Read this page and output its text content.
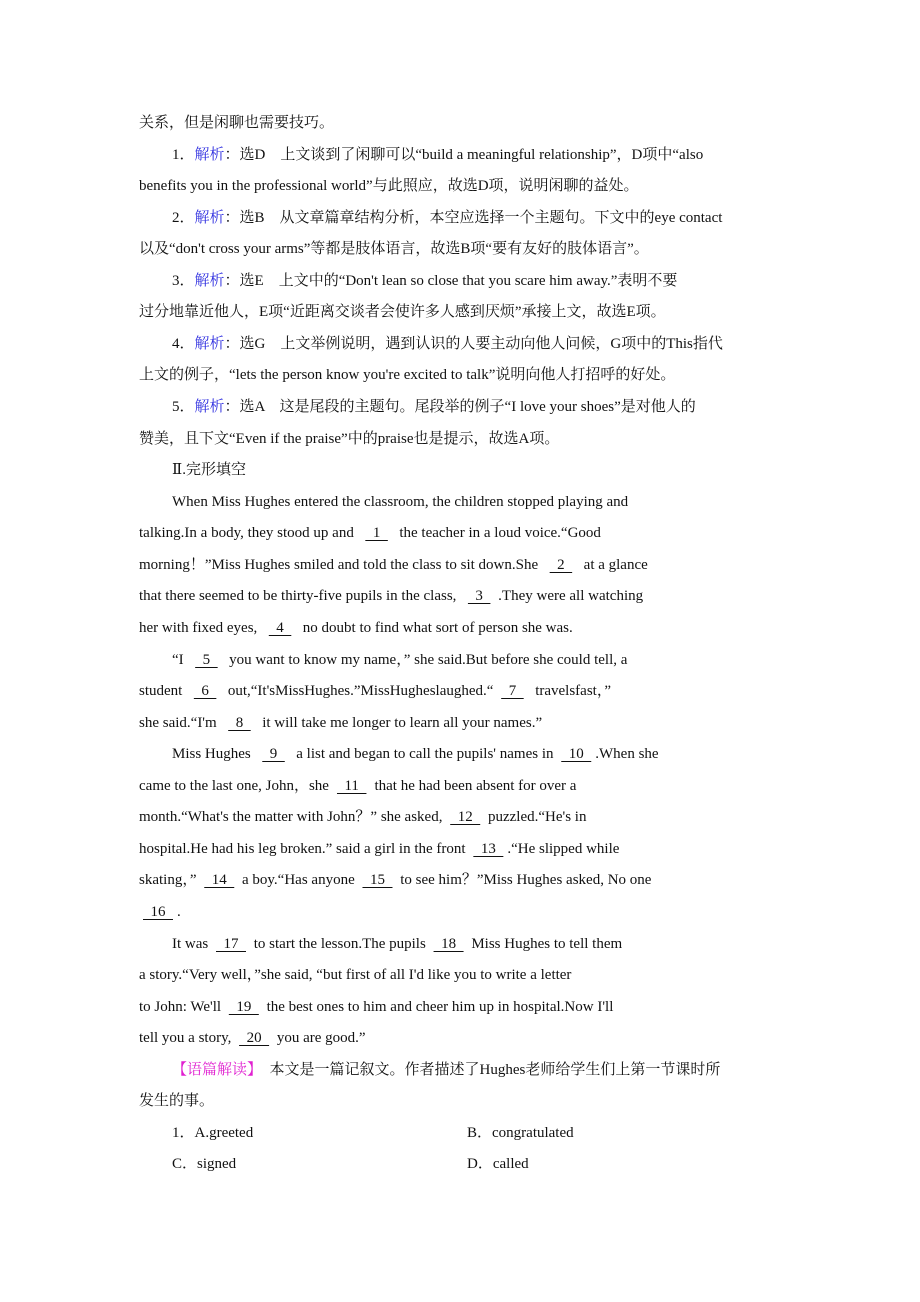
关系，但是闲聊也需要技巧。
1．解析：选D　上文谈到了闲聊可以“build a meaningful relationship”，D项中“also
benefits you in the professional world”与此照应，故选D项，说明闲聊的益处。
2．解析：选B　从文章篇章结构分析，本空应选择一个主题句。下文中的eye contact
以及“don't cross your arms”等都是肢体语言，故选B项“要有友好的肢体语言”。
3．解析：选E　上文中的“Don't lean so close that you scare him away.”表明不要
过分地靠近他人，E项“近距离交谈者会使许多人感到厌烦”承接上文，故选E项。
4．解析：选G　上文举例说明，遇到认识的人要主动向他人问候，G项中的This指代
上文的例子，“lets the person know you're excited to talk”说明向他人打招呼的好处。
5．解析：选A　这是尾段的主题句。尾段举的例子“I love your shoes”是对他人的
赞美，且下文“Even if the praise”中的praise也是提示，故选A项。
Ⅱ.完形填空
When Miss Hughes entered the classroom, the children stopped playing and
talking.In a body, they stood up and   1   the teacher in a loud voice.“Good
morning！”Miss Hughes smiled and told the class to sit down.She   2   at a glance
that there seemed to be thirty-five pupils in the class,   3  .They were all watching
her with fixed eyes,   4   no doubt to find what sort of person she was.
“I   5   you want to know my name，” she said.But before she could tell, a
student   6   out,“It'sMissHughes.”MissHugheslaughed.“  7   travelsfast，”
she said.“I'm   8   it will take me longer to learn all your names.”
Miss Hughes   9   a list and began to call the pupils' names in   10  .When she
came to the last one, John，she   11   that he had been absent for over a
month.“What's the matter with John？” she asked,   12   puzzled.“He's in
hospital.He had his leg broken.” said a girl in the front   13  .“He slipped while
skating，”   14   a boy.“Has anyone   15   to see him？”Miss Hughes asked, No one
16  .
It was   17   to start the lesson.The pupils   18   Miss Hughes to tell them
a story.“Very well，”she said, “but first of all I'd like you to write a letter
to John: We'll   19   the best ones to him and cheer him up in hospital.Now I'll
tell you a story,   20   you are good.”
【语篇解读】　本文是一篇记叙文。作者描述了Hughes老师给学生们上第一节课时所
发生的事。
1．A.greeted	B．congratulated
C．signed	D．called
